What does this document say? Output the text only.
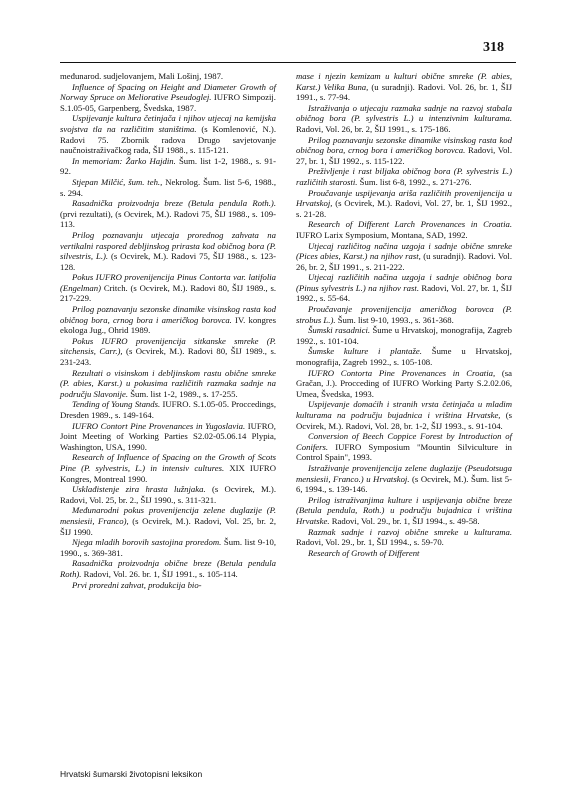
318

međunarod. sudjelovanjem, Mali Lošinj, 1987.

Influence of Spacing on Height and Diameter Growth of Norway Spruce on Meliorative Pseudoglej. IUFRO Simpozij. S.1.05-05, Garpenberg, Švedska, 1987.

Uspijevanje kultura četinjača i njihov utjecaj na kemijska svojstva tla na različitim staništima. (s Komlenović, N.). Radovi 75. Zbornik radova Drugo savjetovanje naučnoistraživačkog rada, ŠIJ 1988., s. 115-121.

In memoriam: Žarko Hajdin. Šum. list 1-2, 1988., s. 91-92.

Stjepan Milčić, šum. teh., Nekrolog. Šum. list 5-6, 1988., s. 294.

Rasadnička proizvodnja breze (Betula pendula Roth.). (prvi rezultati), (s Ocvirek, M.). Radovi 75, ŠIJ 1988., s. 109-113.

Prilog poznavanju utjecaja prorednog zahvata na vertikalni raspored debljinskog prirasta kod običnog bora (P. silvestris, L.). (s Ocvirek, M.). Radovi 75, ŠIJ 1988., s. 123-128.

Pokus IUFRO provenijencija Pinus Contorta var. latifolia (Engelman) Critch. (s Ocvirek, M.). Radovi 80, ŠIJ 1989., s. 217-229.

Prilog poznavanju sezonske dinamike visinskog rasta kod običnog bora, crnog bora i američkog borovca. IV. kongres ekologa Jug., Ohrid 1989.

Pokus IUFRO provenijencija sitkanske smreke (P. sitchensis, Carr.), (s Ocvirek, M.). Radovi 80, ŠIJ 1989., s. 231-243.

Rezultati o visinskom i debljinskom rastu obične smreke (P. abies, Karst.) u pokusima različitih razmaka sadnje na području Slavonije. Šum. list 1-2, 1989., s. 17-255.

Tending of Young Stands. IUFRO. S.1.05-05. Proccedings, Dresden 1989., s. 149-164.

IUFRO Contort Pine Provenances in Yugoslavia. IUFRO, Joint Meeting of Working Parties S2.02-05.06.14 Plypia, Washington, USA, 1990.

Research of Influence of Spacing on the Growth of Scots Pine (P. sylvestris, L.) in intensiv cultures. XIX IUFRO Kongres, Montreal 1990.

Usklađistenje zira hrasta lužnjaka. (s Ocvirek, M.). Radovi, Vol. 25, br. 2., ŠIJ 1990., s. 311-321.

Međunarodni pokus provenijencija zelene duglazije (P. mensiesii, Franco), (s Ocvirek, M.). Radovi, Vol. 25, br. 2, ŠIJ 1990.

Njega mladih borovih sastojina proredom. Šum. list 9-10, 1990., s. 369-381.

Rasadnička proizvodnja obične breze (Betula pendula Roth). Radovi, Vol. 26. br. 1, ŠIJ 1991., s. 105-114.

Prvi proredni zahvat, produkcija bio-

mase i njezin kemizam u kulturi obične smreke (P. abies, Karst.) Velika Buna, (u suradnji). Radovi. Vol. 26, br. 1, ŠIJ 1991., s. 77-94.

Istraživanja o utjecaju razmaka sadnje na razvoj stabala običnog bora (P. sylvestris L.) u intenzivnim kulturama. Radovi, Vol. 26, br. 2, ŠIJ 1991., s. 175-186.

Prilog poznavanju sezonske dinamike visinskog rasta kod običnog bora, crnog bora i američkog borovca. Radovi, Vol. 27, br. 1, ŠIJ 1992., s. 115-122.

Preživljenje i rast biljaka običnog bora (P. sylvestris L.) različitih starosti. Šum. list 6-8, 1992., s. 271-276.

Proučavanje uspijevanja ariša različitih provenijencija u Hrvatskoj, (s Ocvirek, M.). Radovi, Vol. 27, br. 1, ŠIJ 1992., s. 21-28.

Research of Different Larch Provenances in Croatia. IUFRO Larix Symposium, Montana, SAD, 1992.

Utjecaj različitog načina uzgoja i sadnje obične smreke (Pices abies, Karst.) na njihov rast, (u suradnji). Radovi. Vol. 26, br. 2, ŠIJ 1991., s. 211-222.

Utjecaj različitih načina uzgoja i sadnje običnog bora (Pinus sylvestris L.) na njihov rast. Radovi, Vol. 27, br. 1, ŠIJ 1992., s. 55-64.

Proučavanje provenijencija američkog borovca (P. strobus L.). Šum. list 9-10, 1993., s. 361-368.

Šumski rasadnici. Šume u Hrvatskoj, monografija, Zagreb 1992., s. 101-104.

Šumske kulture i plantaže. Šume u Hrvatskoj, monografija, Zagreb 1992., s. 105-108.

IUFRO Contorta Pine Provenances in Croatia, (sa Gračan, J.). Procceding of IUFRO Working Party S.2.02.06, Umea, Švedska, 1993.

Uspijevanje domaćih i stranih vrsta četinjača u mladim kulturama na području bujadnica i vriština Hrvatske, (s Ocvirek, M.). Radovi, Vol. 28, br. 1-2, ŠIJ 1993., s. 91-104.

Conversion of Beech Coppice Forest by Introduction of Conifers. IUFRO Symposium "Mountin Silviculture in Control Spain", 1993.

Istraživanje provenijencija zelene duglazije (Pseudotsuga mensiesii, Franco.) u Hrvatskoj. (s Ocvirek, M.). Šum. list 5-6, 1994., s. 139-146.

Prilog istraživanjima kulture i uspijevanja obične breze (Betula pendula, Roth.) u području bujadnica i vriština Hrvatske. Radovi, Vol. 29., br. 1, ŠIJ 1994., s. 49-58.

Razmak sadnje i razvoj obične smreke u kulturama. Radovi, Vol. 29., br. 1, ŠIJ 1994., s. 59-70.

Research of Growth of Different

Hrvatski šumarski životopisni leksikon
